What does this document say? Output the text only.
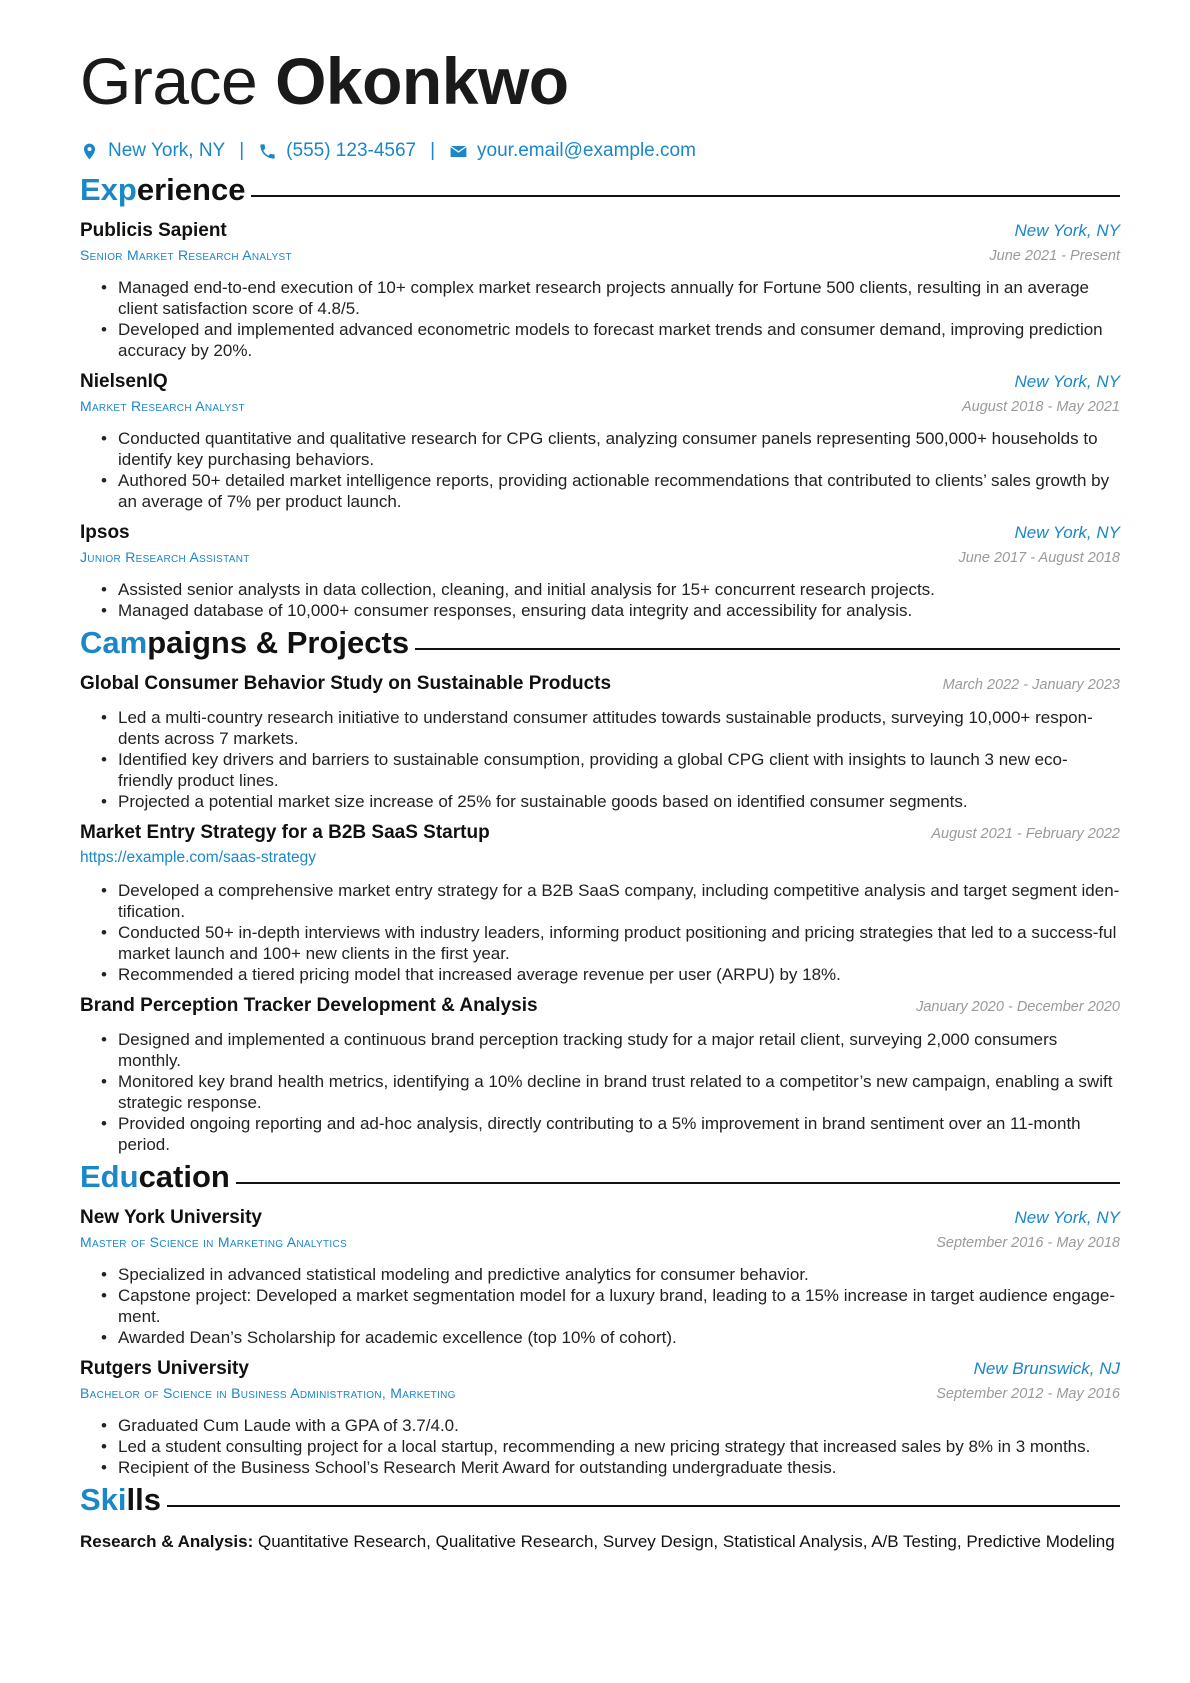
Grace Okonkwo
New York, NY | (555) 123-4567 | your.email@example.com
Experience
Publicis Sapient	New York, NY
Senior Market Research Analyst	June 2021 - Present
• Managed end-to-end execution of 10+ complex market research projects annually for Fortune 500 clients, resulting in an average client satisfaction score of 4.8/5.
• Developed and implemented advanced econometric models to forecast market trends and consumer demand, improving prediction accuracy by 20%.
NielsenIQ	New York, NY
Market Research Analyst	August 2018 - May 2021
• Conducted quantitative and qualitative research for CPG clients, analyzing consumer panels representing 500,000+ households to identify key purchasing behaviors.
• Authored 50+ detailed market intelligence reports, providing actionable recommendations that contributed to clients’ sales growth by an average of 7% per product launch.
Ipsos	New York, NY
Junior Research Assistant	June 2017 - August 2018
• Assisted senior analysts in data collection, cleaning, and initial analysis for 15+ concurrent research projects.
• Managed database of 10,000+ consumer responses, ensuring data integrity and accessibility for analysis.
Campaigns & Projects
Global Consumer Behavior Study on Sustainable Products	March 2022 - January 2023
• Led a multi-country research initiative to understand consumer attitudes towards sustainable products, surveying 10,000+ respon-dents across 7 markets.
• Identified key drivers and barriers to sustainable consumption, providing a global CPG client with insights to launch 3 new eco-friendly product lines.
• Projected a potential market size increase of 25% for sustainable goods based on identified consumer segments.
Market Entry Strategy for a B2B SaaS Startup	August 2021 - February 2022
https://example.com/saas-strategy
• Developed a comprehensive market entry strategy for a B2B SaaS company, including competitive analysis and target segment iden-tification.
• Conducted 50+ in-depth interviews with industry leaders, informing product positioning and pricing strategies that led to a success-ful market launch and 100+ new clients in the first year.
• Recommended a tiered pricing model that increased average revenue per user (ARPU) by 18%.
Brand Perception Tracker Development & Analysis	January 2020 - December 2020
• Designed and implemented a continuous brand perception tracking study for a major retail client, surveying 2,000 consumers monthly.
• Monitored key brand health metrics, identifying a 10% decline in brand trust related to a competitor’s new campaign, enabling a swift strategic response.
• Provided ongoing reporting and ad-hoc analysis, directly contributing to a 5% improvement in brand sentiment over an 11-month period.
Education
New York University	New York, NY
Master of Science in Marketing Analytics	September 2016 - May 2018
• Specialized in advanced statistical modeling and predictive analytics for consumer behavior.
• Capstone project: Developed a market segmentation model for a luxury brand, leading to a 15% increase in target audience engage-ment.
• Awarded Dean’s Scholarship for academic excellence (top 10% of cohort).
Rutgers University	New Brunswick, NJ
Bachelor of Science in Business Administration, Marketing	September 2012 - May 2016
• Graduated Cum Laude with a GPA of 3.7/4.0.
• Led a student consulting project for a local startup, recommending a new pricing strategy that increased sales by 8% in 3 months.
• Recipient of the Business School’s Research Merit Award for outstanding undergraduate thesis.
Skills
Research & Analysis: Quantitative Research, Qualitative Research, Survey Design, Statistical Analysis, A/B Testing, Predictive Modeling
